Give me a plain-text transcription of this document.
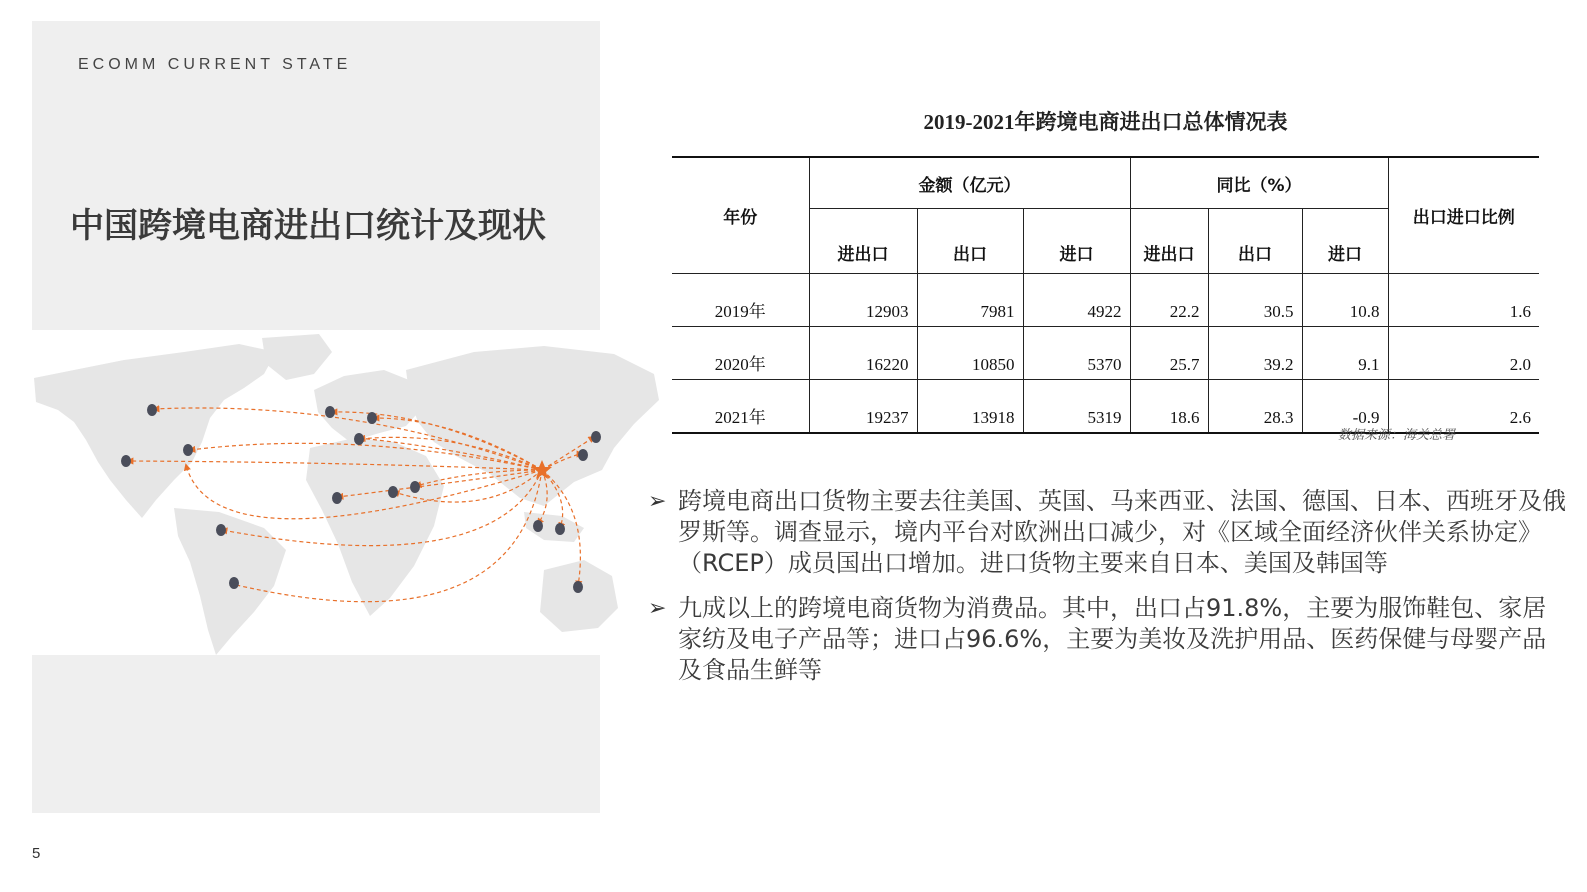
ECOMM CURRENT STATE
中国跨境电商进出口统计及现状
5
2019-2021年跨境电商进出口总体情况表
年份	金额（亿元）			同比（%）			出口进口比例
	进出口	出口	进口	进出口	出口	进口	
2019年	12903	7981	4922	22.2	30.5	10.8	1.6
2020年	16220	10850	5370	25.7	39.2	9.1	2.0
2021年	19237	13918	5319	18.6	28.3	-0.9	2.6
数据来源：海关总署
➢ 跨境电商出口货物主要去往美国、英国、马来西亚、法国、德国、日本、西班牙及俄罗斯等。调查显示，境内平台对欧洲出口减少，对《区域全面经济伙伴关系协定》（RCEP）成员国出口增加。进口货物主要来自日本、美国及韩国等
➢ 九成以上的跨境电商货物为消费品。其中，出口占91.8%，主要为服饰鞋包、家居家纺及电子产品等；进口占96.6%，主要为美妆及洗护用品、医药保健与母婴产品及食品生鲜等
